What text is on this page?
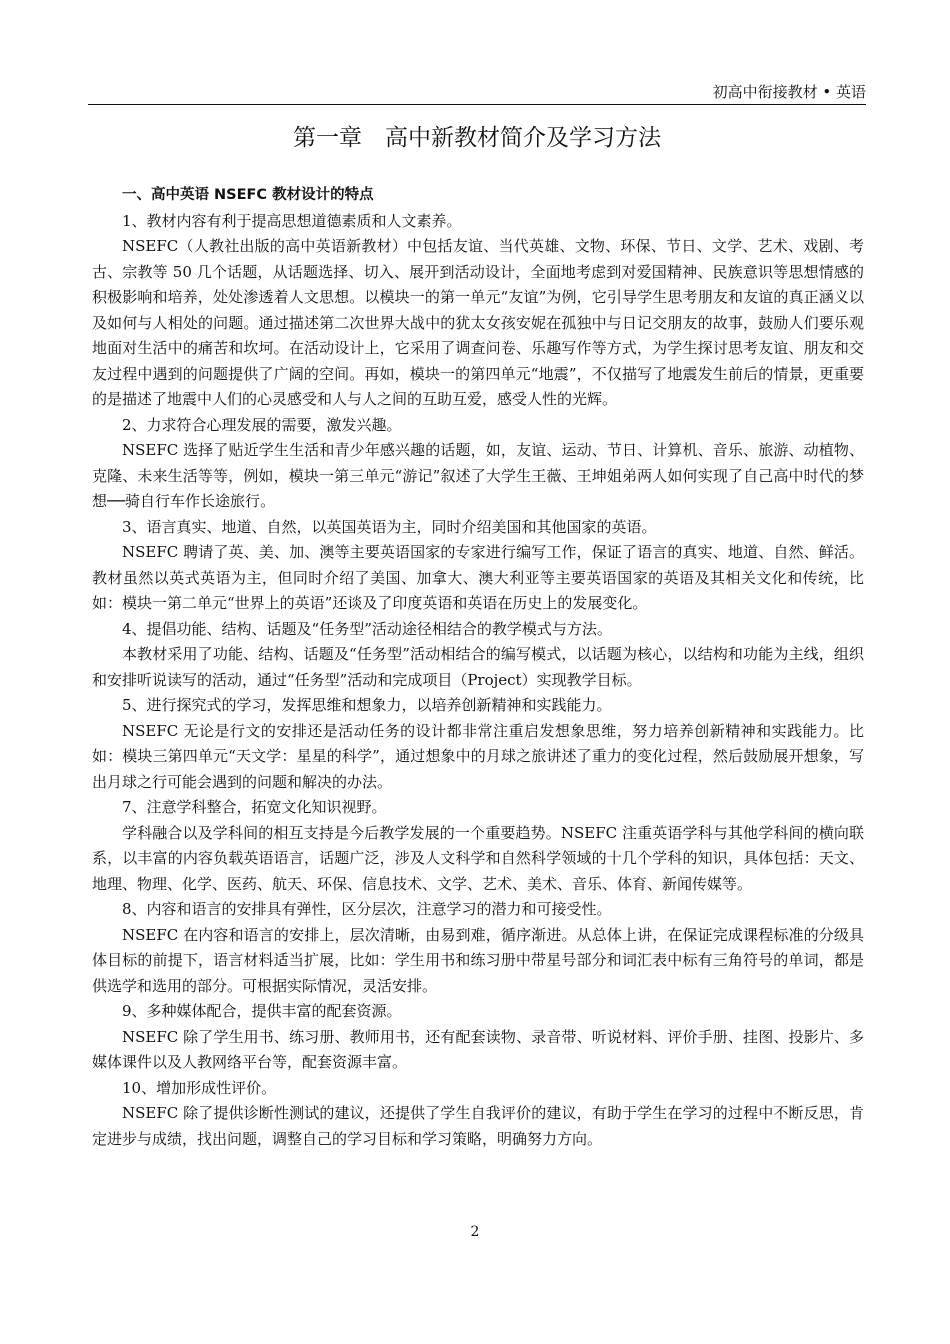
初高中衔接教材 • 英语
第一章　高中新教材简介及学习方法

一、高中英语 NSEFC 教材设计的特点

1、教材内容有利于提高思想道德素质和人文素养。

NSEFC（人教社出版的高中英语新教材）中包括友谊、当代英雄、文物、环保、节日、文学、艺术、戏剧、考古、宗教等 50 几个话题，从话题选择、切入、展开到活动设计，全面地考虑到对爱国精神、民族意识等思想情感的积极影响和培养，处处渗透着人文思想。以模块一的第一单元“友谊”为例，它引导学生思考朋友和友谊的真正涵义以及如何与人相处的问题。通过描述第二次世界大战中的犹太女孩安妮在孤独中与日记交朋友的故事，鼓励人们要乐观地面对生活中的痛苦和坎坷。在活动设计上，它采用了调查问卷、乐趣写作等方式，为学生探讨思考友谊、朋友和交友过程中遇到的问题提供了广阔的空间。再如，模块一的第四单元“地震”，不仅描写了地震发生前后的情景，更重要的是描述了地震中人们的心灵感受和人与人之间的互助互爱，感受人性的光辉。

2、力求符合心理发展的需要，激发兴趣。

NSEFC 选择了贴近学生生活和青少年感兴趣的话题，如，友谊、运动、节日、计算机、音乐、旅游、动植物、克隆、未来生活等等，例如，模块一第三单元“游记”叙述了大学生王薇、王坤姐弟两人如何实现了自己高中时代的梦想──骑自行车作长途旅行。

3、语言真实、地道、自然，以英国英语为主，同时介绍美国和其他国家的英语。

NSEFC 聘请了英、美、加、澳等主要英语国家的专家进行编写工作，保证了语言的真实、地道、自然、鲜活。教材虽然以英式英语为主，但同时介绍了美国、加拿大、澳大利亚等主要英语国家的英语及其相关文化和传统，比如：模块一第二单元“世界上的英语”还谈及了印度英语和英语在历史上的发展变化。

4、提倡功能、结构、话题及“任务型”活动途径相结合的教学模式与方法。

本教材采用了功能、结构、话题及“任务型”活动相结合的编写模式，以话题为核心，以结构和功能为主线，组织和安排听说读写的活动，通过“任务型”活动和完成项目（Project）实现教学目标。

5、进行探究式的学习，发挥思维和想象力，以培养创新精神和实践能力。

NSEFC 无论是行文的安排还是活动任务的设计都非常注重启发想象思维，努力培养创新精神和实践能力。比如：模块三第四单元“天文学：星星的科学”，通过想象中的月球之旅讲述了重力的变化过程，然后鼓励展开想象，写出月球之行可能会遇到的问题和解决的办法。

7、注意学科整合，拓宽文化知识视野。

学科融合以及学科间的相互支持是今后教学发展的一个重要趋势。NSEFC 注重英语学科与其他学科间的横向联系，以丰富的内容负载英语语言，话题广泛，涉及人文科学和自然科学领域的十几个学科的知识，具体包括：天文、地理、物理、化学、医药、航天、环保、信息技术、文学、艺术、美术、音乐、体育、新闻传媒等。

8、内容和语言的安排具有弹性，区分层次，注意学习的潜力和可接受性。

NSEFC 在内容和语言的安排上，层次清晰，由易到难，循序渐进。从总体上讲，在保证完成课程标准的分级具体目标的前提下，语言材料适当扩展，比如：学生用书和练习册中带星号部分和词汇表中标有三角符号的单词，都是供选学和选用的部分。可根据实际情况，灵活安排。

9、多种媒体配合，提供丰富的配套资源。

NSEFC 除了学生用书、练习册、教师用书，还有配套读物、录音带、听说材料、评价手册、挂图、投影片、多媒体课件以及人教网络平台等，配套资源丰富。

10、增加形成性评价。

NSEFC 除了提供诊断性测试的建议，还提供了学生自我评价的建议，有助于学生在学习的过程中不断反思，肯定进步与成绩，找出问题，调整自己的学习目标和学习策略，明确努力方向。

2
